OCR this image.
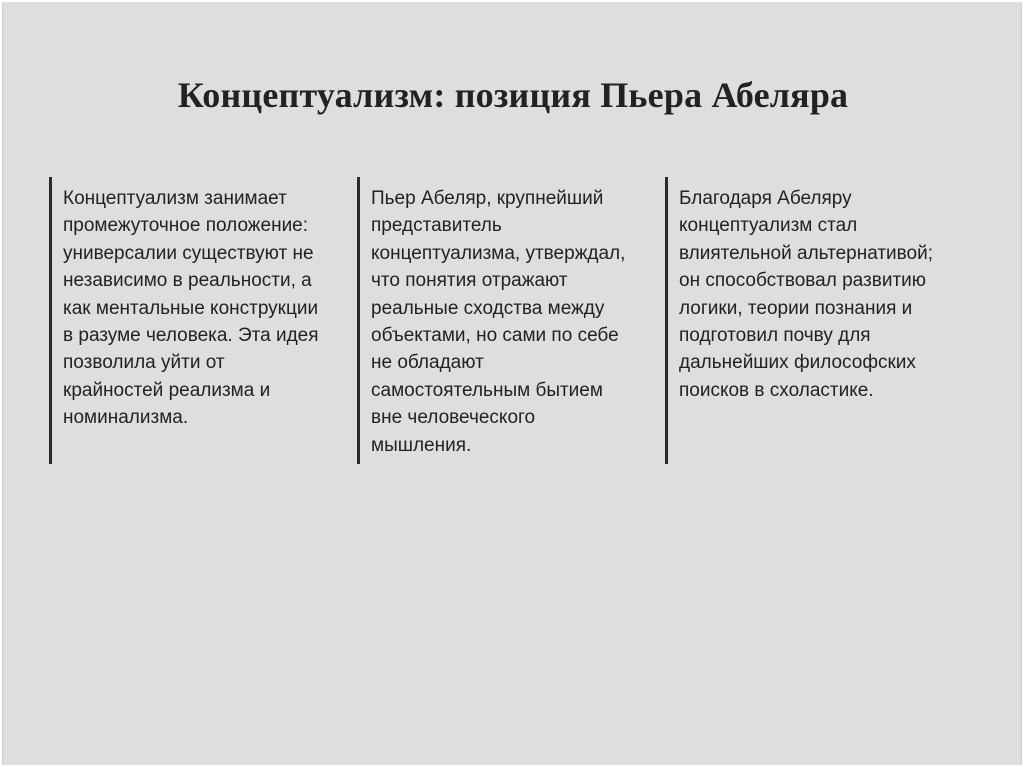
Концептуализм: позиция Пьера Абеляра
Концептуализм занимает
промежуточное положение:
универсалии существуют не
независимо в реальности, а
как ментальные конструкции
в разуме человека. Эта идея
позволила уйти от
крайностей реализма и
номинализма.
Пьер Абеляр, крупнейший
представитель
концептуализма, утверждал,
что понятия отражают
реальные сходства между
объектами, но сами по себе
не обладают
самостоятельным бытием
вне человеческого
мышления.
Благодаря Абеляру
концептуализм стал
влиятельной альтернативой;
он способствовал развитию
логики, теории познания и
подготовил почву для
дальнейших философских
поисков в схоластике.
